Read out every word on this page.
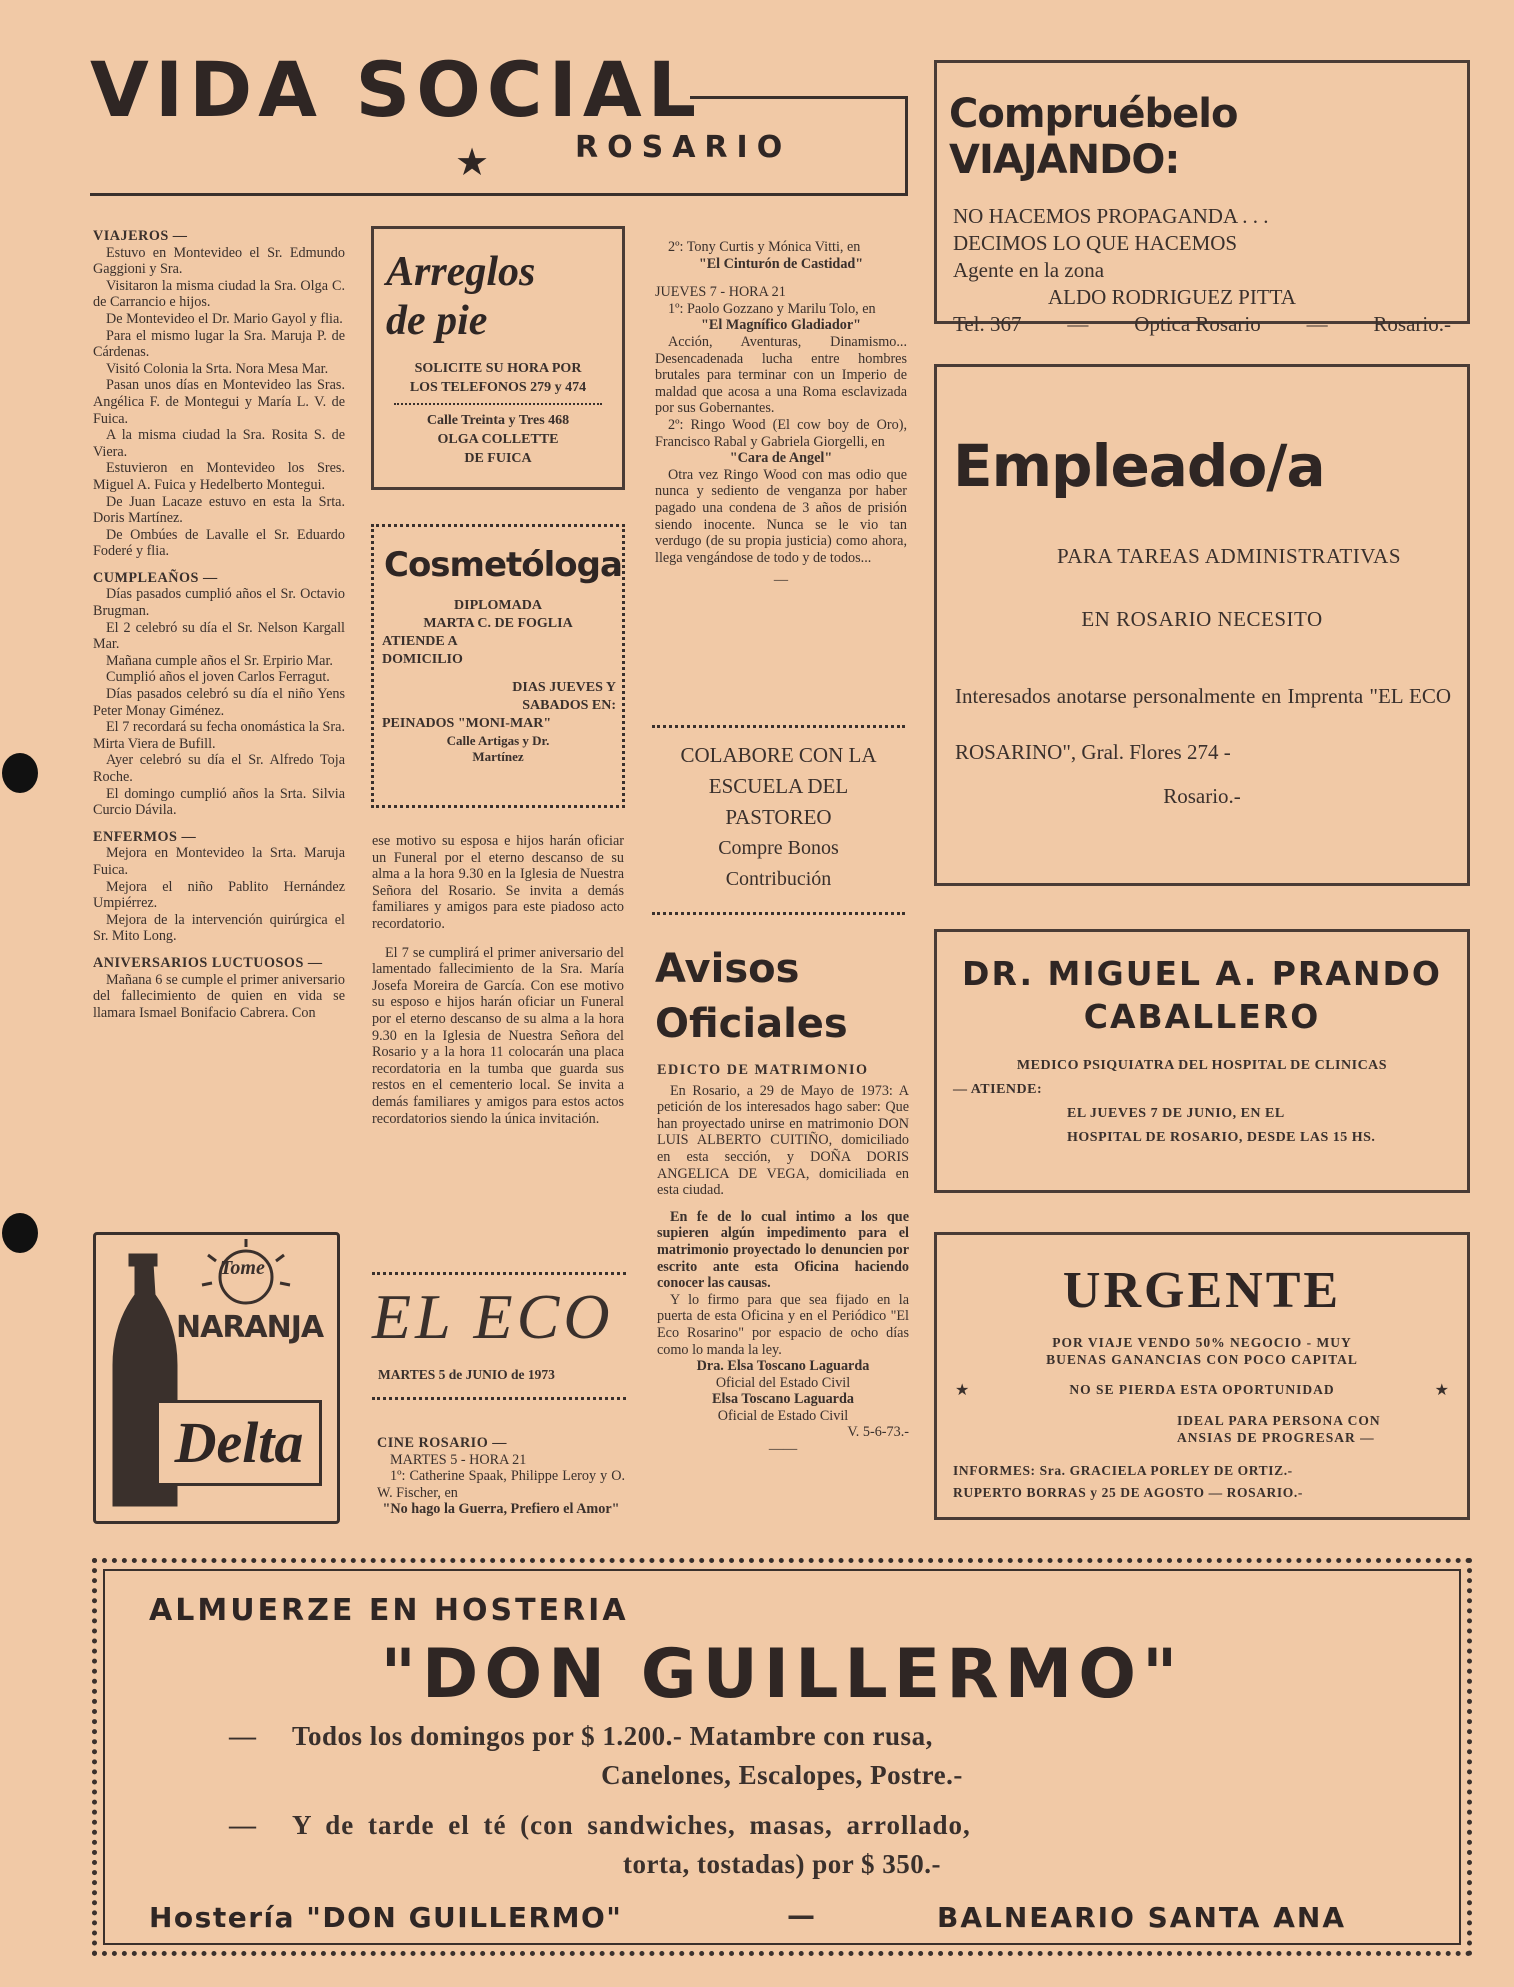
VIDA SOCIAL
★	ROSARIO

VIAJEROS —

Estuvo en Montevideo el Sr. Edmundo Gaggioni y Sra.

Visitaron la misma ciudad la Sra. Olga C. de Carrancio e hijos.

De Montevideo el Dr. Mario Gayol y flia.

Para el mismo lugar la Sra. Maruja P. de Cárdenas.

Visitó Colonia la Srta. Nora Mesa Mar.

Pasan unos días en Montevideo las Sras. Angélica F. de Montegui y María L. V. de Fuica.

A la misma ciudad la Sra. Rosita S. de Viera.

Estuvieron en Montevideo los Sres. Miguel A. Fuica y Hedelberto Montegui.

De Juan Lacaze estuvo en esta la Srta. Doris Martínez.

De Ombúes de Lavalle el Sr. Eduardo Foderé y flia.

CUMPLEAÑOS —

Días pasados cumplió años el Sr. Octavio Brugman.

El 2 celebró su día el Sr. Nelson Kargall Mar.

Mañana cumple años el Sr. Erpirio Mar.

Cumplió años el joven Carlos Ferragut.

Días pasados celebró su día el niño Yens Peter Monay Giménez.

El 7 recordará su fecha onomástica la Sra. Mirta Viera de Bufill.

Ayer celebró su día el Sr. Alfredo Toja Roche.

El domingo cumplió años la Srta. Silvia Curcio Dávila.

ENFERMOS —

Mejora en Montevideo la Srta. Maruja Fuica.

Mejora el niño Pablito Hernández Umpiérrez.

Mejora de la intervención quirúrgica el Sr. Mito Long.

ANIVERSARIOS LUCTUOSOS —

Mañana 6 se cumple el primer aniversario del fallecimiento de quien en vida se llamara Ismael Bonifacio Cabrera. Con

Tome
NARANJA
Delta
Arreglos
de pie
SOLICITE SU HORA POR
LOS TELEFONOS 279 y 474
Calle Treinta y Tres 468
OLGA COLLETTE
DE FUICA
Cosmetóloga
DIPLOMADA
MARTA C. DE FOGLIA
ATIENDE A
DOMICILIO
DIAS JUEVES Y
SABADOS EN:
PEINADOS "MONI-MAR"
Calle Artigas y Dr.
Martínez

ese motivo su esposa e hijos harán oficiar un Funeral por el eterno descanso de su alma a la hora 9.30 en la Iglesia de Nuestra Señora del Rosario. Se invita a demás familiares y amigos para este piadoso acto recordatorio.

El 7 se cumplirá el primer aniversario del lamentado fallecimiento de la Sra. María Josefa Moreira de García. Con ese motivo su esposo e hijos harán oficiar un Funeral por el eterno descanso de su alma a la hora 9.30 en la Iglesia de Nuestra Señora del Rosario y a la hora 11 colocarán una placa recordatoria en la tumba que guarda sus restos en el cementerio local. Se invita a demás familiares y amigos para estos actos recordatorios siendo la única invitación.

EL ECO
MARTES 5 de JUNIO de 1973

CINE ROSARIO —

MARTES 5 - HORA 21

1º: Catherine Spaak, Philippe Leroy y O. W. Fischer, en

"No hago la Guerra, Prefiero el Amor"

2º: Tony Curtis y Mónica Vitti, en

"El Cinturón de Castidad"

JUEVES 7 - HORA 21

1º: Paolo Gozzano y Marilu Tolo, en

"El Magnífico Gladiador"

Acción, Aventuras, Dinamismo... Desencadenada lucha entre hombres brutales para terminar con un Imperio de maldad que acosa a una Roma esclavizada por sus Gobernantes.

2º: Ringo Wood (El cow boy de Oro), Francisco Rabal y Gabriela Giorgelli, en

"Cara de Angel"

Otra vez Ringo Wood con mas odio que nunca y sediento de venganza por haber pagado una condena de 3 años de prisión siendo inocente. Nunca se le vio tan verdugo (de su propia justicia) como ahora, llega vengándose de todo y de todos...

—

COLABORE CON LA
ESCUELA DEL
PASTOREO
Compre Bonos
Contribución
Avisos
Oficiales

EDICTO DE MATRIMONIO

En Rosario, a 29 de Mayo de 1973: A petición de los interesados hago saber: Que han proyectado unirse en matrimonio DON LUIS ALBERTO CUITIÑO, domiciliado en esta sección, y DOÑA DORIS ANGELICA DE VEGA, domiciliada en esta ciudad.

En fe de lo cual intimo a los que supieren algún impedimento para el matrimonio proyectado lo denuncien por escrito ante esta Oficina haciendo conocer las causas.

Y lo firmo para que sea fijado en la puerta de esta Oficina y en el Periódico "El Eco Rosarino" por espacio de ocho días como lo manda la ley.

Dra. Elsa Toscano Laguarda

Oficial del Estado Civil

Elsa Toscano Laguarda

Oficial de Estado Civil

V. 5-6-73.-

——

Compruébelo VIAJANDO:
NO HACEMOS PROPAGANDA . . .
DECIMOS LO QUE HACEMOS
Agente en la zona
ALDO RODRIGUEZ PITTA
Tel. 367 — Optica Rosario — Rosario.-
Empleado/a
PARA TAREAS ADMINISTRATIVAS
EN ROSARIO NECESITO
Interesados anotarse personalmente en Imprenta "EL ECO ROSARINO", Gral. Flores 274 -
Rosario.-
DR. MIGUEL A. PRANDO
CABALLERO
MEDICO PSIQUIATRA DEL HOSPITAL DE CLINICAS
— ATIENDE:
EL JUEVES 7 DE JUNIO, EN EL
HOSPITAL DE ROSARIO, DESDE LAS 15 HS.
URGENTE
POR VIAJE VENDO 50% NEGOCIO - MUY
BUENAS GANANCIAS CON POCO CAPITAL
★	NO SE PIERDA ESTA OPORTUNIDAD	★
IDEAL PARA PERSONA CON
ANSIAS DE PROGRESAR —
INFORMES: Sra. GRACIELA PORLEY DE ORTIZ.-
RUPERTO BORRAS y 25 DE AGOSTO — ROSARIO.-
ALMUERZE EN HOSTERIA
"DON GUILLERMO"
Todos los domingos por $ 1.200.- Matambre con rusa,
Canelones, Escalopes, Postre.-
Y de tarde el té (con sandwiches, masas, arrollado,
torta, tostadas) por $ 350.-
—
—
Hostería "DON GUILLERMO"	—	BALNEARIO SANTA ANA
